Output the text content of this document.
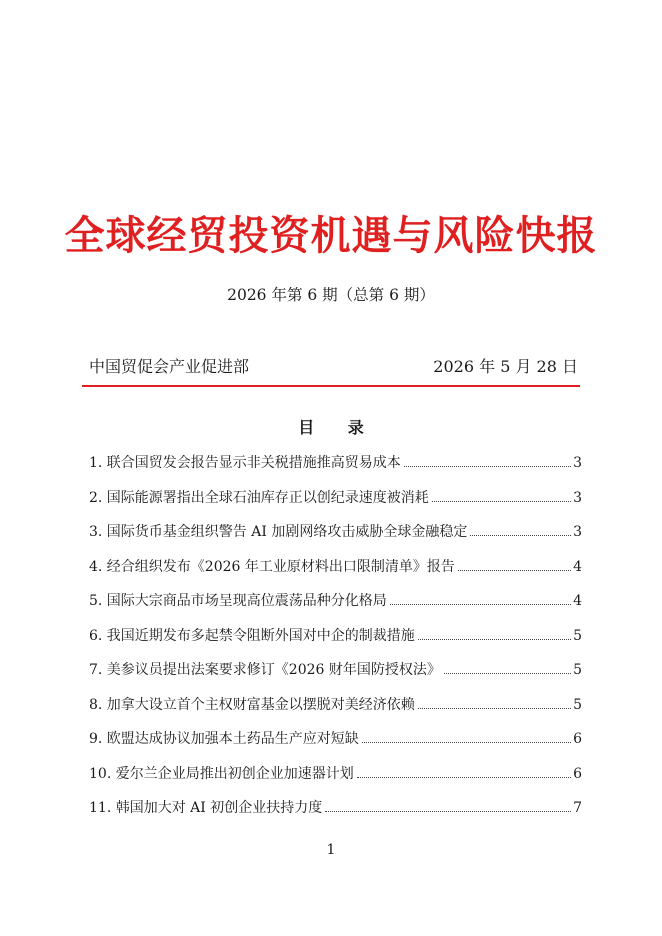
全球经贸投资机遇与风险快报
2026 年第 6 期（总第 6 期）
中国贸促会产业促进部	2026 年 5 月 28 日
目 录
1. 联合国贸发会报告显示非关税措施推高贸易成本	3
2. 国际能源署指出全球石油库存正以创纪录速度被消耗	3
3. 国际货币基金组织警告 AI 加剧网络攻击威胁全球金融稳定	3
4. 经合组织发布《2026 年工业原材料出口限制清单》报告	4
5. 国际大宗商品市场呈现高位震荡品种分化格局	4
6. 我国近期发布多起禁令阻断外国对中企的制裁措施	5
7. 美参议员提出法案要求修订《2026 财年国防授权法》	5
8. 加拿大设立首个主权财富基金以摆脱对美经济依赖	5
9. 欧盟达成协议加强本土药品生产应对短缺	6
10. 爱尔兰企业局推出初创企业加速器计划	6
11. 韩国加大对 AI 初创企业扶持力度	7
1
